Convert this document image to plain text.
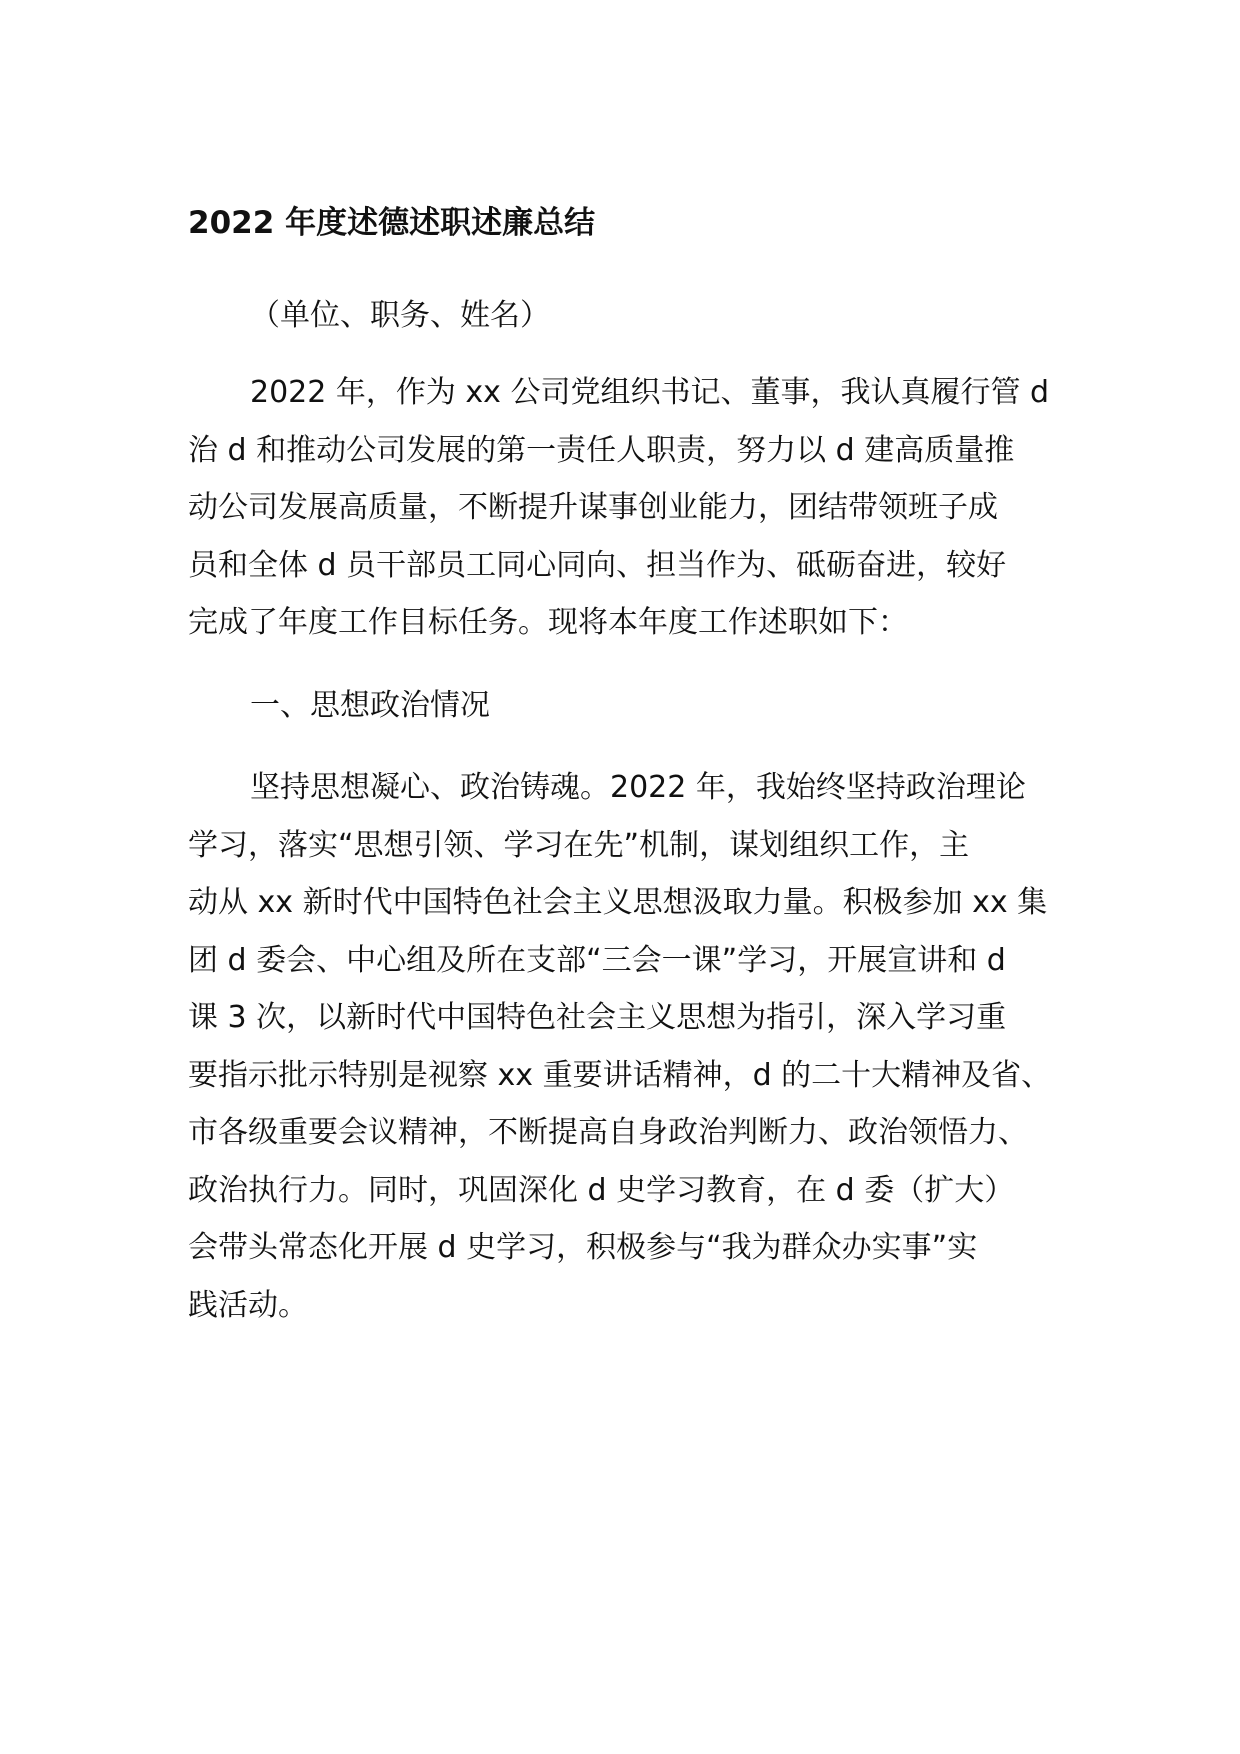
2022 年度述德述职述廉总结

（单位、职务、姓名）

2022 年，作为 xx 公司党组织书记、董事，我认真履行管 d

治 d 和推动公司发展的第一责任人职责，努力以 d 建高质量推

动公司发展高质量，不断提升谋事创业能力，团结带领班子成

员和全体 d 员干部员工同心同向、担当作为、砥砺奋进，较好

完成了年度工作目标任务。现将本年度工作述职如下：

一、思想政治情况

坚持思想凝心、政治铸魂。2022 年，我始终坚持政治理论

学习，落实“思想引领、学习在先”机制，谋划组织工作，主

动从 xx 新时代中国特色社会主义思想汲取力量。积极参加 xx 集

团 d 委会、中心组及所在支部“三会一课”学习，开展宣讲和 d

课 3 次，以新时代中国特色社会主义思想为指引，深入学习重

要指示批示特别是视察 xx 重要讲话精神，d 的二十大精神及省、

市各级重要会议精神，不断提高自身政治判断力、政治领悟力、

政治执行力。同时，巩固深化 d 史学习教育，在 d 委（扩大）

会带头常态化开展 d 史学习，积极参与“我为群众办实事”实

践活动。
